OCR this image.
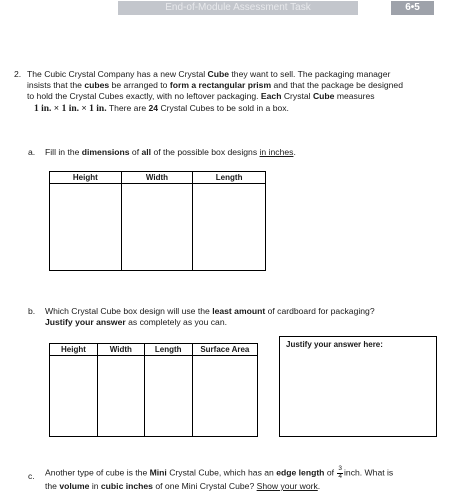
End-of-Module Assessment Task	6•5
2. The Cubic Crystal Company has a new Crystal Cube they want to sell. The packaging manager
insists that the cubes be arranged to form a rectangular prism and that the package be designed
to hold the Crystal Cubes exactly, with no leftover packaging. Each Crystal Cube measures
1 in. × 1 in. × 1 in. There are 24 Crystal Cubes to be sold in a box.
a. Fill in the dimensions of all of the possible box designs in inches.
Height	Width	Length

b. Which Crystal Cube box design will use the least amount of cardboard for packaging?
Justify your answer as completely as you can.
Height	Width	Length	Surface Area

Justify your answer here:
c. Another type of cube is the Mini Crystal Cube, which has an edge length of $\frac{3}{4}$ inch. What is
the volume in cubic inches of one Mini Crystal Cube? Show your work.
